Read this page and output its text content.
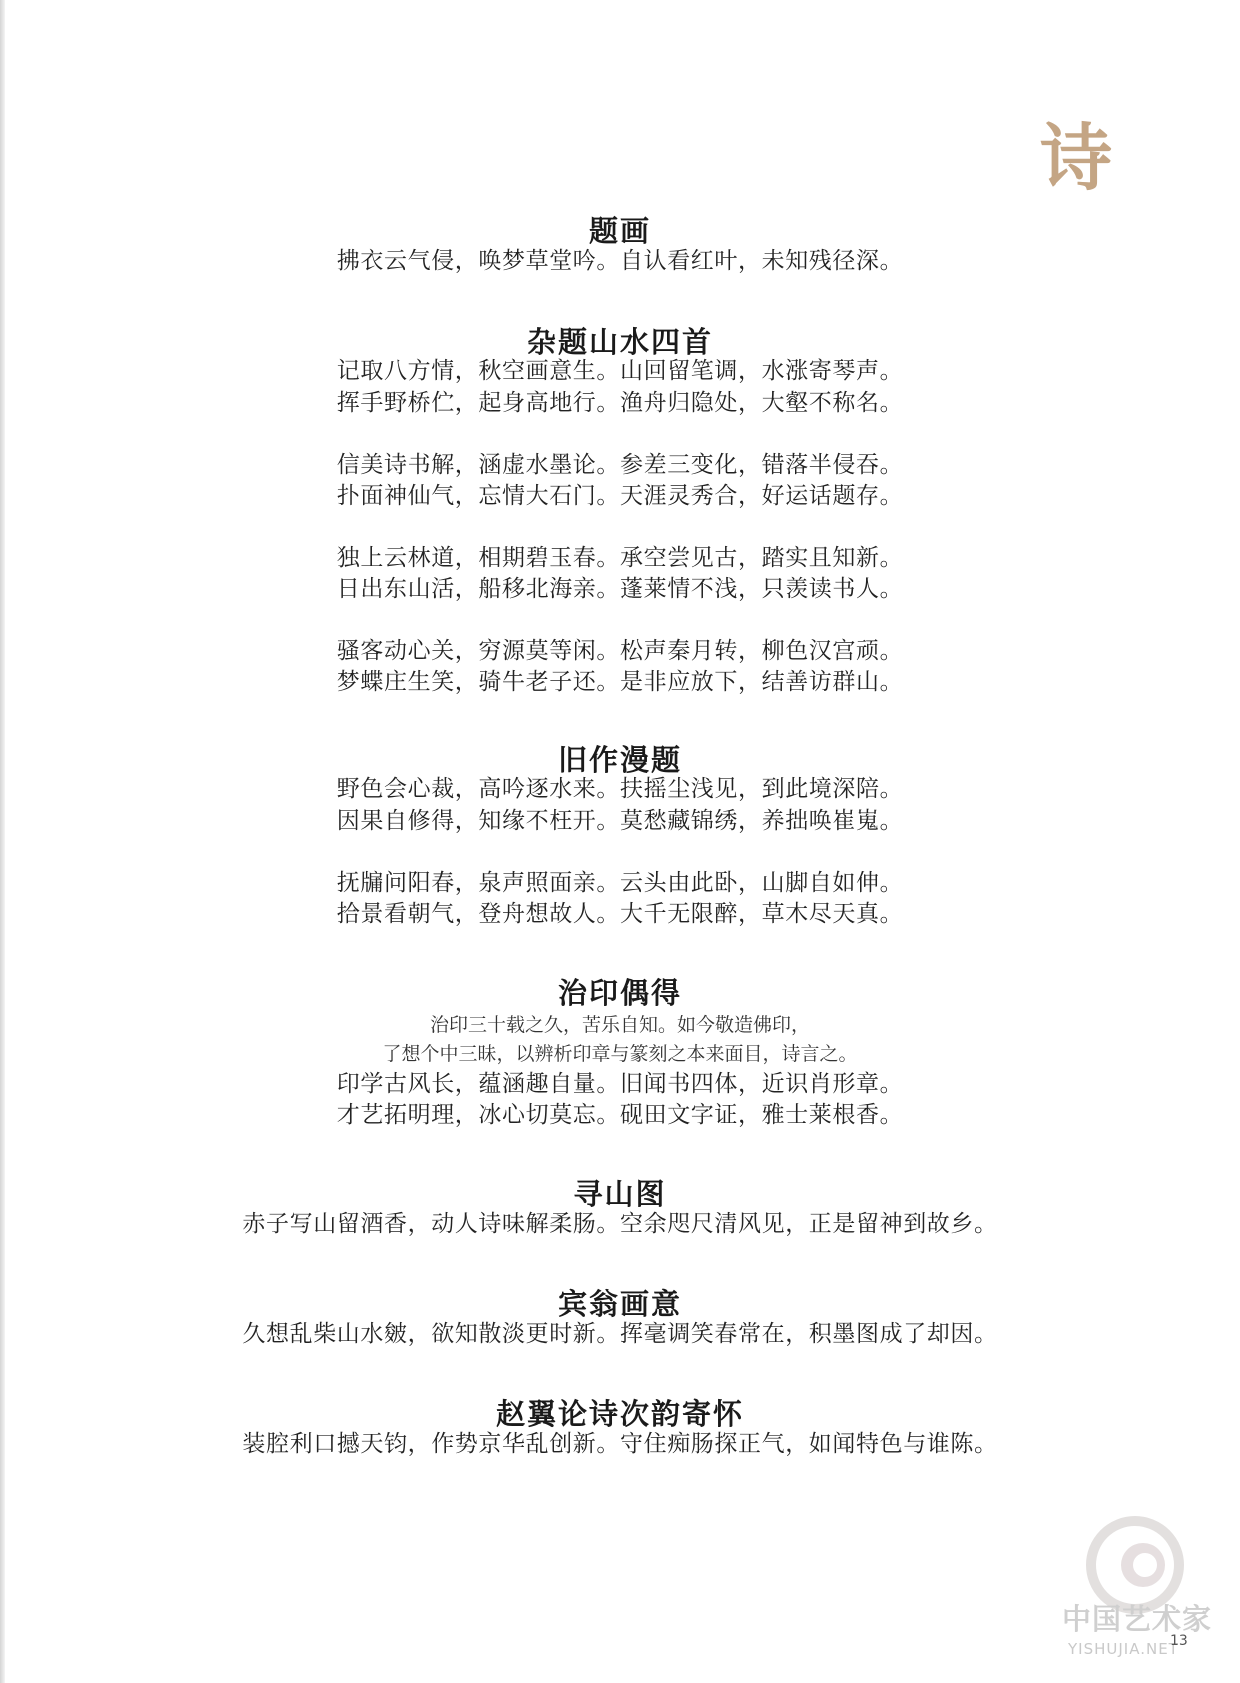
诗
题画
拂衣云气侵，唤梦草堂吟。自认看红叶，未知残径深。
杂题山水四首
记取八方情，秋空画意生。山回留笔调，水涨寄琴声。
挥手野桥伫，起身高地行。渔舟归隐处，大壑不称名。
信美诗书解，涵虚水墨论。参差三变化，错落半侵吞。
扑面神仙气，忘情大石门。天涯灵秀合，好运话题存。
独上云林道，相期碧玉春。承空尝见古，踏实且知新。
日出东山活，船移北海亲。蓬莱情不浅，只羡读书人。
骚客动心关，穷源莫等闲。松声秦月转，柳色汉宫顽。
梦蝶庄生笑，骑牛老子还。是非应放下，结善访群山。
旧作漫题
野色会心裁，高吟逐水来。扶摇尘浅见，到此境深陪。
因果自修得，知缘不枉开。莫愁藏锦绣，养拙唤崔嵬。
抚牖问阳春，泉声照面亲。云头由此卧，山脚自如伸。
拾景看朝气，登舟想故人。大千无限醉，草木尽天真。
治印偶得
治印三十载之久，苦乐自知。如今敬造佛印，
了想个中三昧，以辨析印章与篆刻之本来面目，诗言之。
印学古风长，蕴涵趣自量。旧闻书四体，近识肖形章。
才艺拓明理，冰心切莫忘。砚田文字证，雅士莱根香。
寻山图
赤子写山留酒香，动人诗味解柔肠。空余咫尺清风见，正是留神到故乡。
宾翁画意
久想乱柴山水皴，欲知散淡更时新。挥毫调笑春常在，积墨图成了却因。
赵翼论诗次韵寄怀
装腔利口撼天钧，作势京华乱创新。守住痴肠探正气，如闻特色与谁陈。
中国艺术家
YISHUJIA.NET
13
